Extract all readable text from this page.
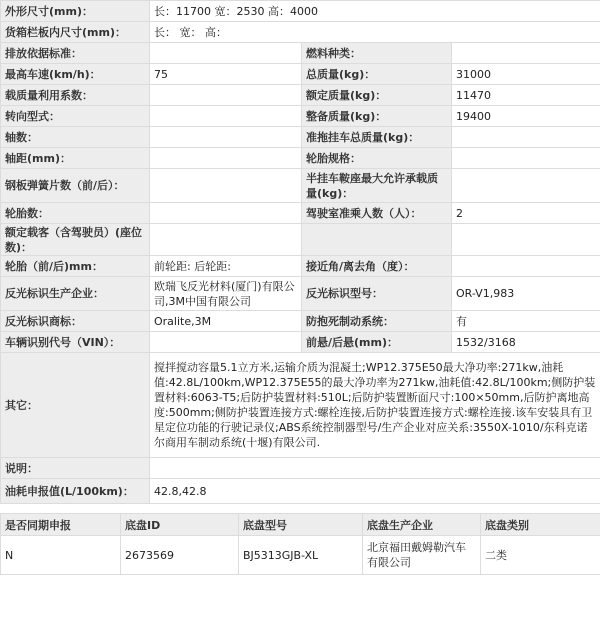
外形尺寸(mm)：	长：11700 宽：2530 高：4000		
货箱栏板内尺寸(mm)：	长： 宽： 高：		
排放依据标准：		燃料种类：	
最高车速(km/h)：	75	总质量(kg)：	31000
载质量利用系数：		额定质量(kg)：	11470
转向型式：		整备质量(kg)：	19400
轴数：		准拖挂车总质量(kg)：	
轴距(mm)：		轮胎规格：	
钢板弹簧片数（前/后）：		半挂车鞍座最大允许承载质量(kg)：	
轮胎数：		驾驶室准乘人数（人）：	2
额定载客（含驾驶员）(座位数)：			
轮胎（前/后)mm：	前轮距: 后轮距:	接近角/离去角（度）：	
反光标识生产企业：	欧瑞飞反光材料(厦门)有限公司,3M中国有限公司	反光标识型号：	OR-V1,983
反光标识商标：	Oralite,3M	防抱死制动系统：	有
车辆识别代号（VIN）：		前悬/后悬(mm)：	1532/3168
其它：	搅拌搅动容量5.1立方米,运输介质为混凝土;WP12.375E50最大净功率:271kw,油耗值:42.8L/100km,WP12.375E55的最大净功率为271kw,油耗值:42.8L/100km;侧防护装置材料:6063-T5;后防护装置材料:510L;后防护装置断面尺寸:100×50mm,后防护离地高度:500mm;侧防护装置连接方式:螺栓连接,后防护装置连接方式:螺栓连接.该车安装具有卫星定位功能的行驶记录仪;ABS系统控制器型号/生产企业对应关系:3550X-1010/东科克诺尔商用车制动系统(十堰)有限公司.		
说明：			
油耗申报值(L/100km)：	42.8,42.8		
是否同期申报	底盘ID	底盘型号	底盘生产企业	底盘类别
N	2673569	BJ5313GJB-XL	北京福田戴姆勒汽车有限公司	二类
